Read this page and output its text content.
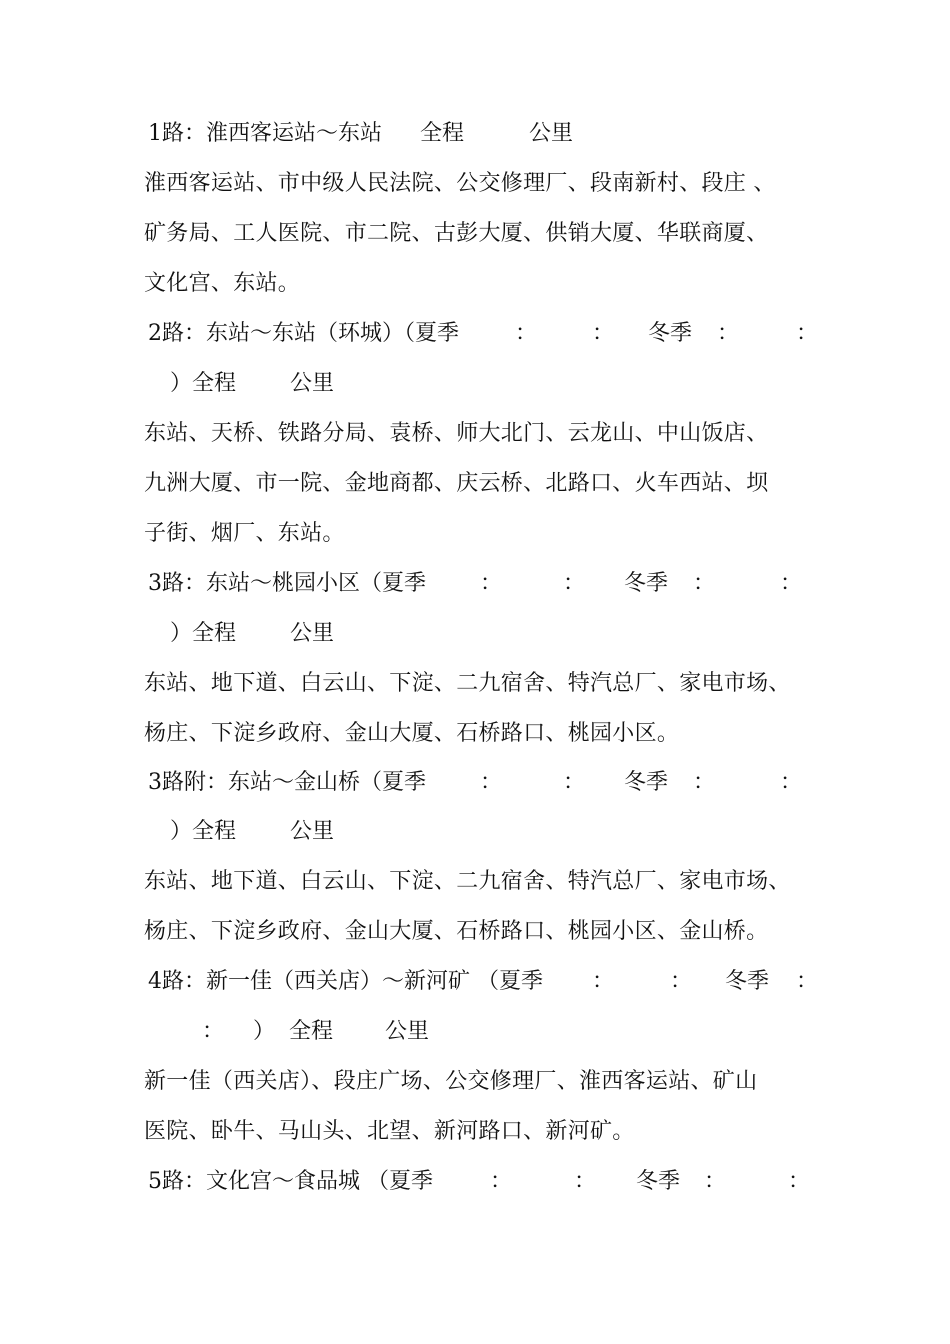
1路：淮西客运站～东站 全程	公里
淮西客运站、市中级人民法院、公交修理厂、段南新村、段庄 、
矿务局、工人医院、市二院、古彭大厦、供销大厦、华联商厦、
文化宫、东站。
2路：东站～东站（环城）（夏季	： ： 冬季 ：	：
）全程 公里
东站、天桥、铁路分局、袁桥、师大北门、云龙山、中山饭店、
九洲大厦、市一院、金地商都、庆云桥、北路口、火车西站、坝
子街、烟厂、东站。
3路：东站～桃园小区（夏季 ：	： 冬季 ：	：
）全程 公里
东站、地下道、白云山、下淀、二九宿舍、特汽总厂、家电市场、
杨庄、下淀乡政府、金山大厦、石桥路口、桃园小区。
3路附：东站～金山桥（夏季 ：	： 冬季 ：	：
）全程 公里
东站、地下道、白云山、下淀、二九宿舍、特汽总厂、家电市场、
杨庄、下淀乡政府、金山大厦、石桥路口、桃园小区、金山桥。
4路：新一佳（西关店）～新河矿 （夏季 ：	： 冬季 ：
： ） 全程 公里
新一佳（西关店）、段庄广场、公交修理厂、淮西客运站、矿山
医院、卧牛、马山头、北望、新河路口、新河矿。
5路：文化宫～食品城 （夏季	：	： 冬季 ：	：
